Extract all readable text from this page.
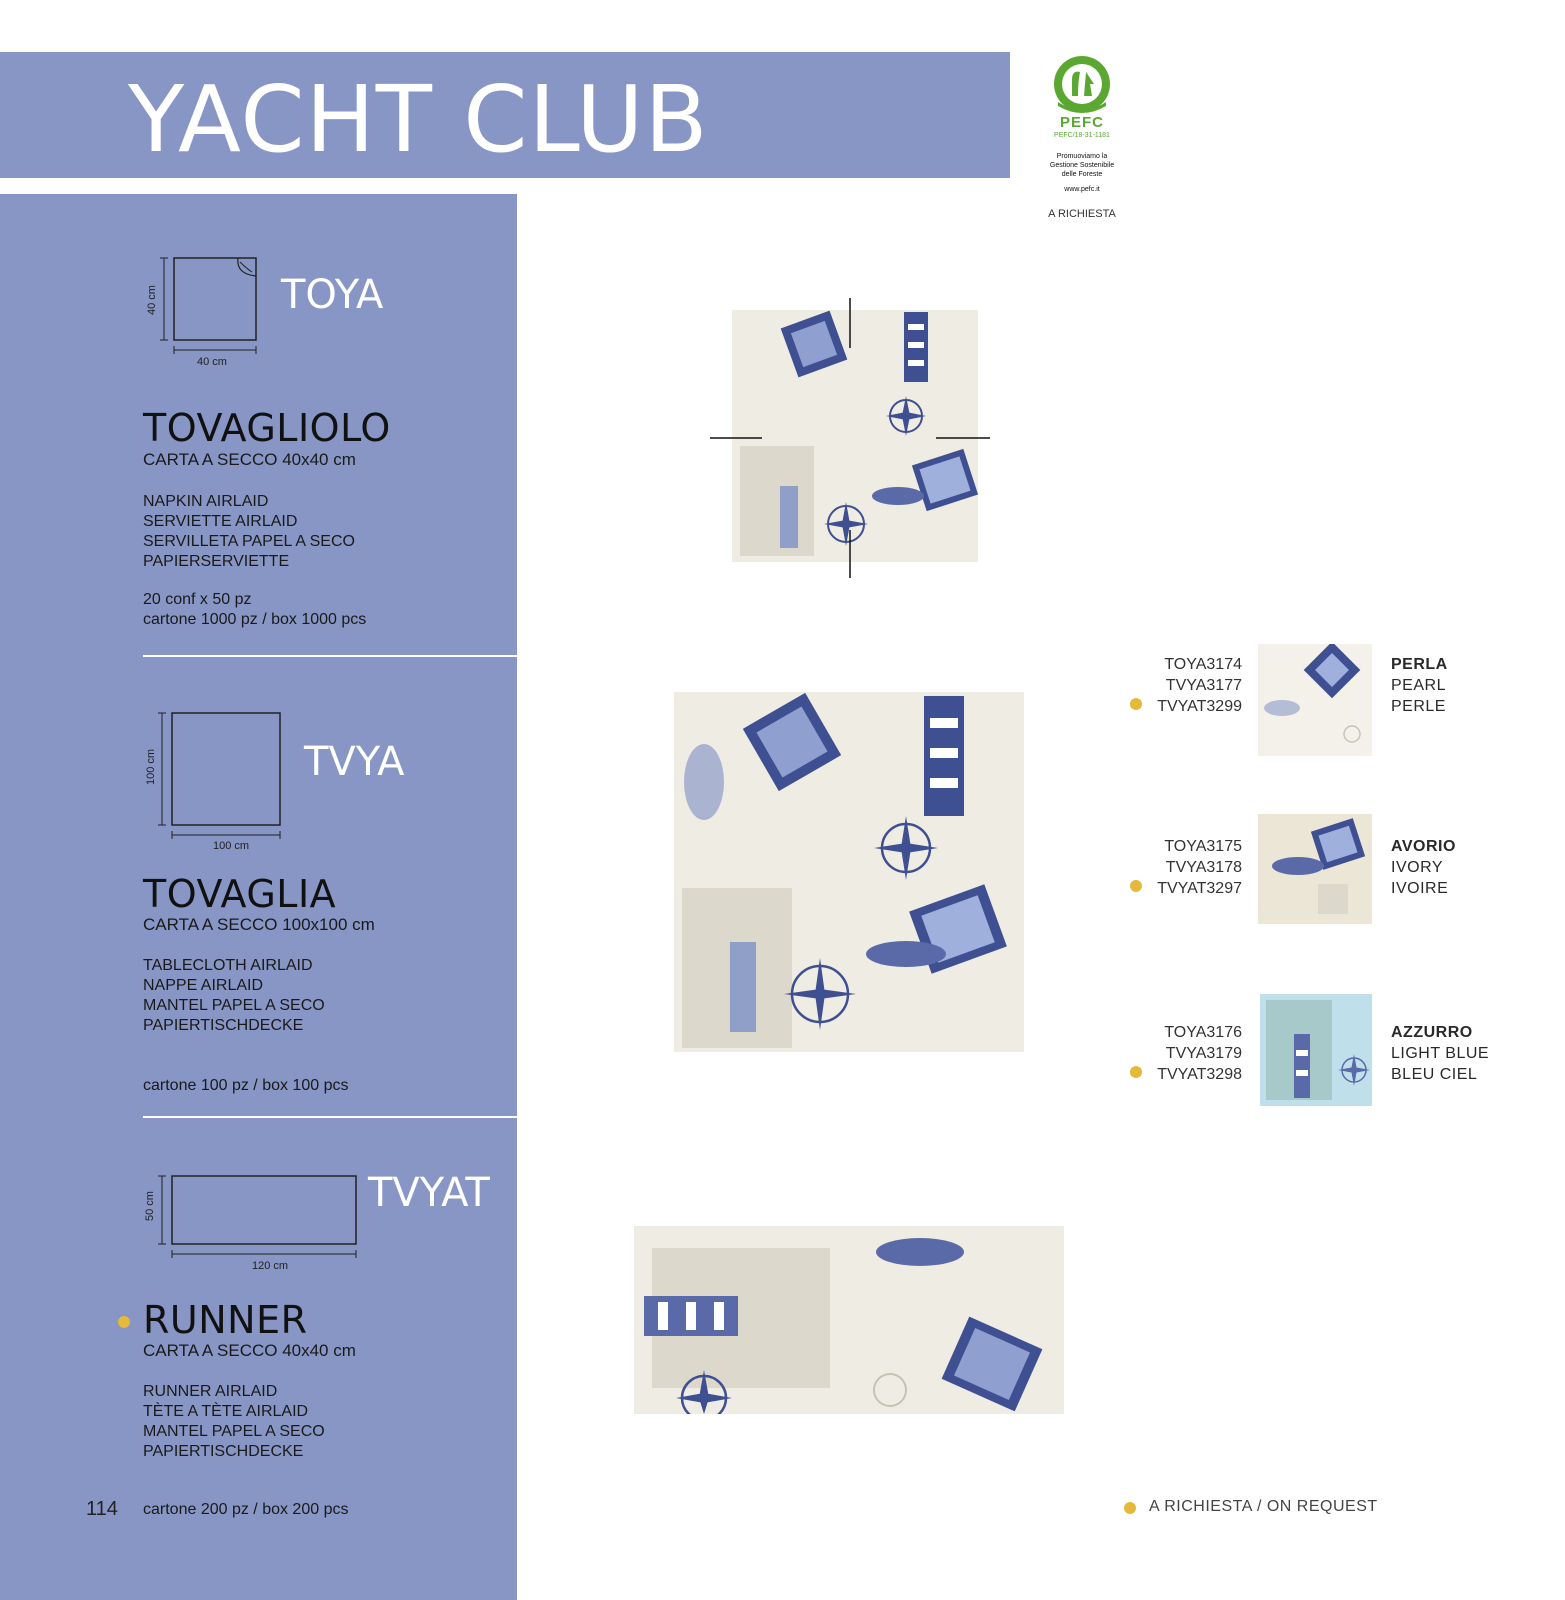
YACHT CLUB	PEFC
PEFC/18-31-1181
Promuoviamo la
Gestione Sostenibile
delle Foreste
www.pefc.it
A RICHIESTA
40 cm
40 cm
TOYA
TOVAGLIOLO
CARTA A SECCO 40x40 cm
NAPKIN AIRLAID
SERVIETTE AIRLAID
SERVILLETA PAPEL A SECO
PAPIERSERVIETTE
20 conf x 50 pz
cartone 1000 pz / box 1000 pcs
100 cm
100 cm
TVYA
TOVAGLIA
CARTA A SECCO 100x100 cm
TABLECLOTH AIRLAID
NAPPE AIRLAID
MANTEL PAPEL A SECO
PAPIERTISCHDECKE
cartone 100 pz / box 100 pcs
50 cm
120 cm
TVYAT
RUNNER
CARTA A SECCO 40x40 cm
RUNNER AIRLAID
TÈTE A TÈTE AIRLAID
MANTEL PAPEL A SECO
PAPIERTISCHDECKE
cartone 200 pz / box 200 pcs
114
TOYA3174
TVYA3177
TVYAT3299
PERLA
PEARL
PERLE
TOYA3175
TVYA3178
TVYAT3297
AVORIO
IVORY
IVOIRE
TOYA3176
TVYA3179
TVYAT3298
AZZURRO
LIGHT BLUE
BLEU CIEL
A RICHIESTA / ON REQUEST
